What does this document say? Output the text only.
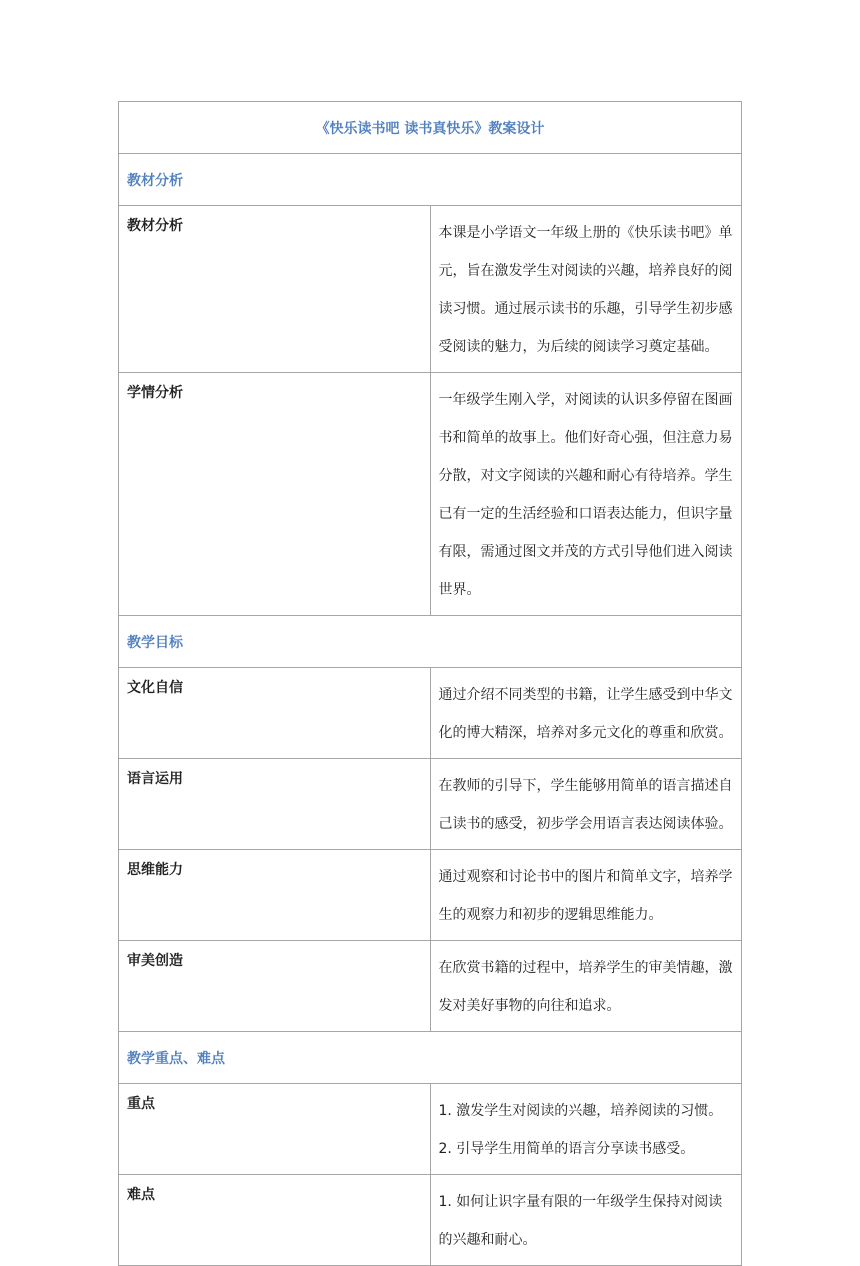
《快乐读书吧 读书真快乐》教案设计	
教材分析	
教材分析	本课是小学语文一年级上册的《快乐读书吧》单元，旨在激发学生对阅读的兴趣，培养良好的阅读习惯。通过展示读书的乐趣，引导学生初步感受阅读的魅力，为后续的阅读学习奠定基础。
学情分析	一年级学生刚入学，对阅读的认识多停留在图画书和简单的故事上。他们好奇心强，但注意力易分散，对文字阅读的兴趣和耐心有待培养。学生已有一定的生活经验和口语表达能力，但识字量有限，需通过图文并茂的方式引导他们进入阅读世界。
教学目标	
文化自信	通过介绍不同类型的书籍，让学生感受到中华文化的博大精深，培养对多元文化的尊重和欣赏。
语言运用	在教师的引导下，学生能够用简单的语言描述自己读书的感受，初步学会用语言表达阅读体验。
思维能力	通过观察和讨论书中的图片和简单文字，培养学生的观察力和初步的逻辑思维能力。
审美创造	在欣赏书籍的过程中，培养学生的审美情趣，激发对美好事物的向往和追求。
教学重点、难点	
重点	1. 激发学生对阅读的兴趣，培养阅读的习惯。

2. 引导学生用简单的语言分享读书感受。

难点	1. 如何让识字量有限的一年级学生保持对阅读的兴趣和耐心。
